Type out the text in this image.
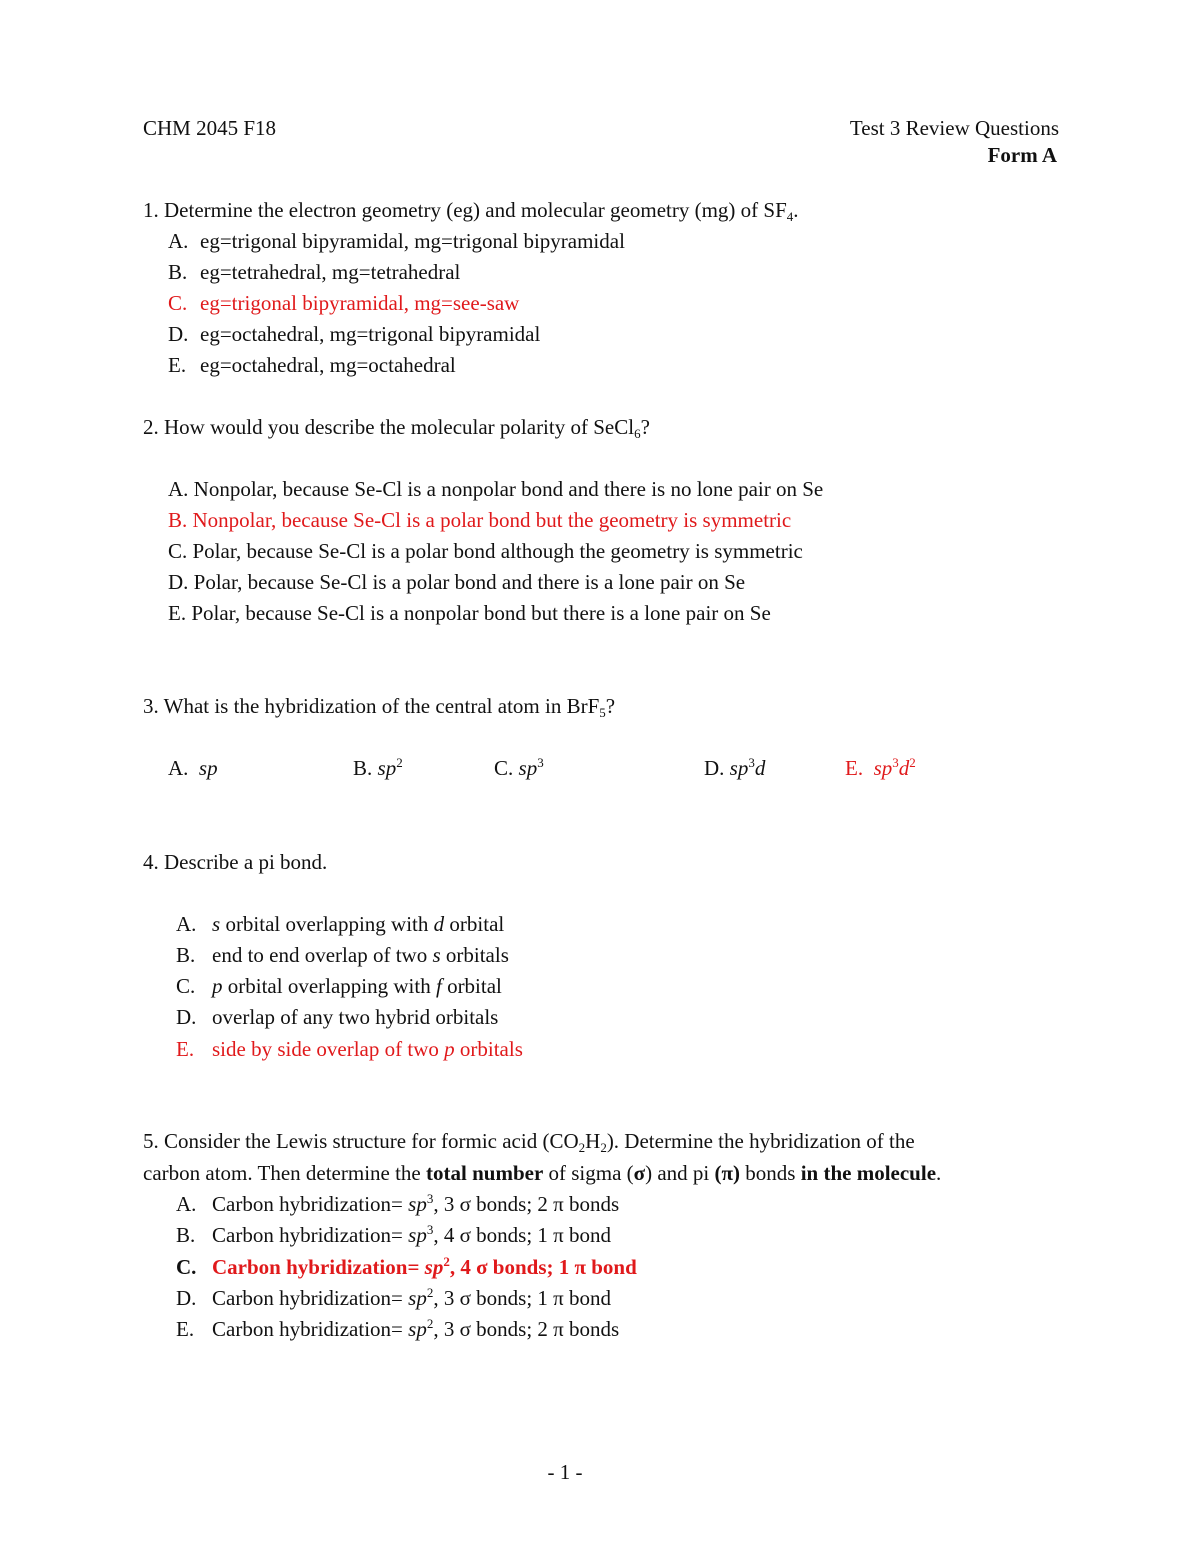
CHM 2045 F18	Test 3 Review Questions
Form A
1. Determine the electron geometry (eg) and molecular geometry (mg) of $SF_4$.
A. eg=trigonal bipyramidal, mg=trigonal bipyramidal
B. eg=tetrahedral, mg=tetrahedral
C. eg=trigonal bipyramidal, mg=see-saw
D. eg=octahedral, mg=trigonal bipyramidal
E. eg=octahedral, mg=octahedral
2. How would you describe the molecular polarity of SeCl$_6$?
A. Nonpolar, because Se-Cl is a nonpolar bond and there is no lone pair on Se
B. Nonpolar, because Se-Cl is a polar bond but the geometry is symmetric
C. Polar, because Se-Cl is a polar bond although the geometry is symmetric
D. Polar, because Se-Cl is a polar bond and there is a lone pair on Se
E. Polar, because Se-Cl is a nonpolar bond but there is a lone pair on Se
3. What is the hybridization of the central atom in BrF$_5$?
A. sp	B. $sp^2$	C. $sp^3$	D. $sp^3d$	E. $sp^3d^2$
4. Describe a pi bond.
A. s orbital overlapping with d orbital
B. end to end overlap of two s orbitals
C. p orbital overlapping with f orbital
D. overlap of any two hybrid orbitals
E. side by side overlap of two p orbitals
5. Consider the Lewis structure for formic acid $(CO_2H_2)$. Determine the hybridization of the
carbon atom. Then determine the total number of sigma (σ) and pi (π) bonds in the molecule.
A. Carbon hybridization= $sp^3$, 3 σ bonds; 2 π bonds
B. Carbon hybridization= $sp^3$, 4 σ bonds; 1 π bond
C. Carbon hybridization= $sp^2$, 4 σ bonds; 1 π bond
D. Carbon hybridization= $sp^2$, 3 σ bonds; 1 π bond
E. Carbon hybridization= $sp^2$, 3 σ bonds; 2 π bonds
- 1 -
